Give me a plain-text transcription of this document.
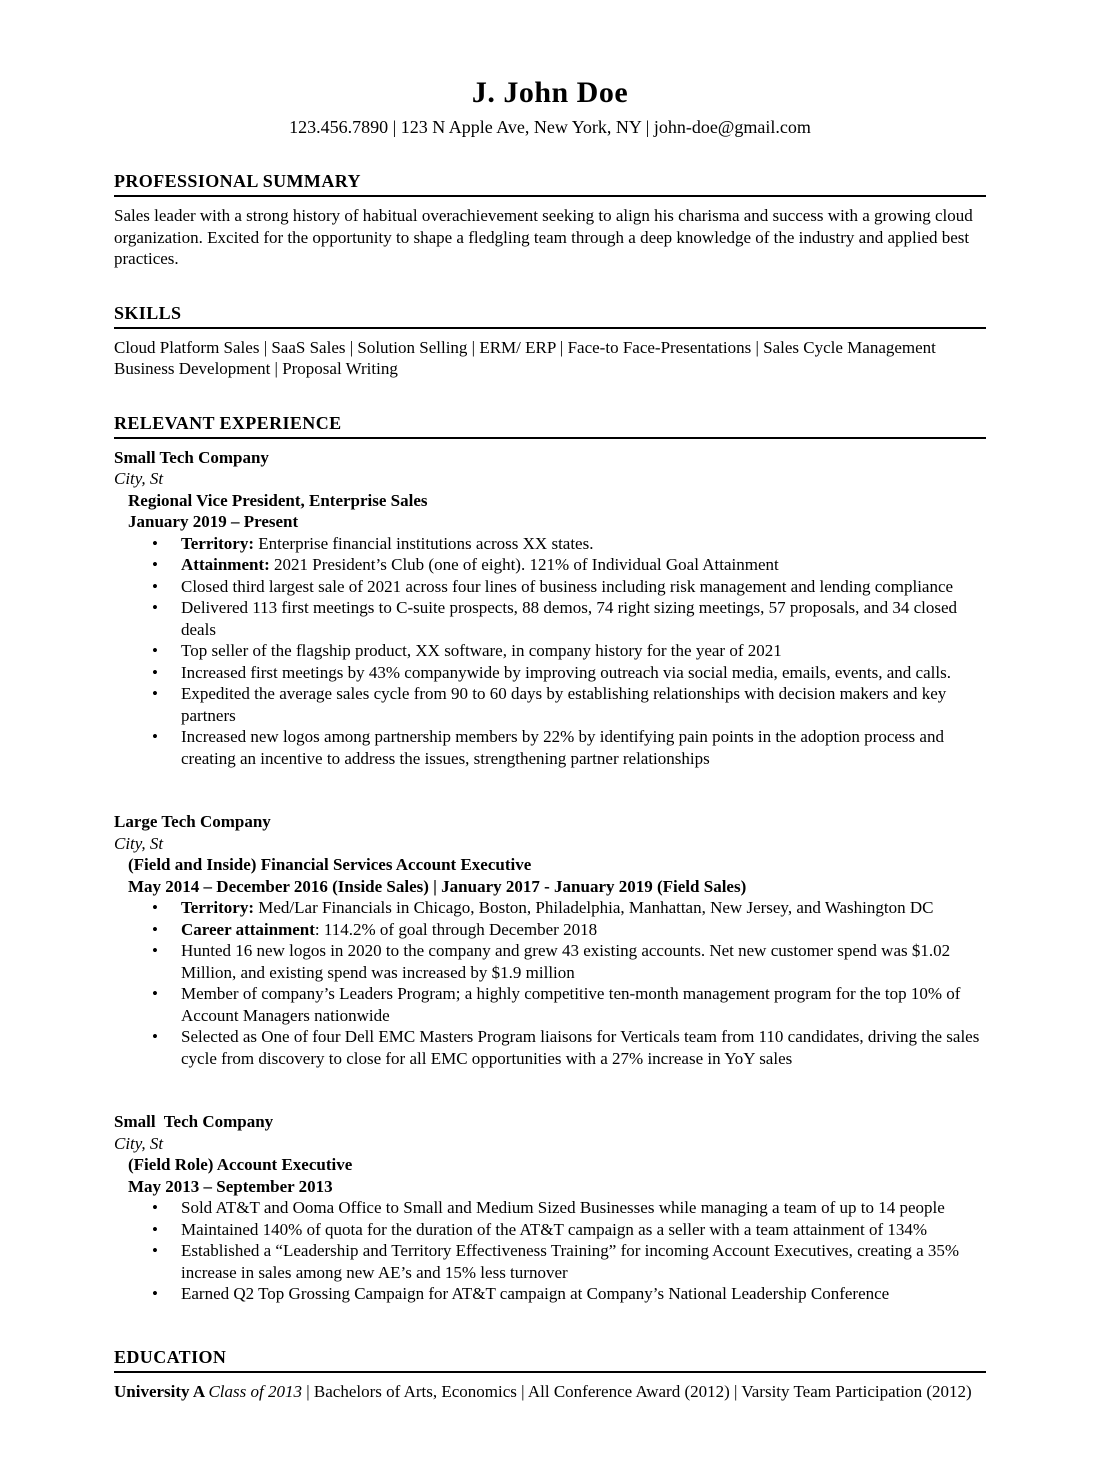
J. John Doe
123.456.7890 | 123 N Apple Ave, New York, NY | john-doe@gmail.com
PROFESSIONAL SUMMARY
Sales leader with a strong history of habitual overachievement seeking to align his charisma and success with a growing cloud organization. Excited for the opportunity to shape a fledgling team through a deep knowledge of the industry and applied best practices.
SKILLS
Cloud Platform Sales | SaaS Sales | Solution Selling | ERM/ ERP | Face-to Face-Presentations | Sales Cycle Management
Business Development | Proposal Writing
RELEVANT EXPERIENCE
Small Tech Company
City, St
Regional Vice President, Enterprise Sales
January 2019 – Present
• Territory: Enterprise financial institutions across XX states.
• Attainment: 2021 President’s Club (one of eight). 121% of Individual Goal Attainment
• Closed third largest sale of 2021 across four lines of business including risk management and lending compliance
• Delivered 113 first meetings to C-suite prospects, 88 demos, 74 right sizing meetings, 57 proposals, and 34 closed deals
• Top seller of the flagship product, XX software, in company history for the year of 2021
• Increased first meetings by 43% companywide by improving outreach via social media, emails, events, and calls.
• Expedited the average sales cycle from 90 to 60 days by establishing relationships with decision makers and key partners
• Increased new logos among partnership members by 22% by identifying pain points in the adoption process and creating an incentive to address the issues, strengthening partner relationships
Large Tech Company
City, St
(Field and Inside) Financial Services Account Executive
May 2014 – December 2016 (Inside Sales) | January 2017 - January 2019 (Field Sales)
• Territory: Med/Lar Financials in Chicago, Boston, Philadelphia, Manhattan, New Jersey, and Washington DC
• Career attainment: 114.2% of goal through December 2018
• Hunted 16 new logos in 2020 to the company and grew 43 existing accounts. Net new customer spend was $1.02 Million, and existing spend was increased by $1.9 million
• Member of company’s Leaders Program; a highly competitive ten-month management program for the top 10% of Account Managers nationwide
• Selected as One of four Dell EMC Masters Program liaisons for Verticals team from 110 candidates, driving the sales cycle from discovery to close for all EMC opportunities with a 27% increase in YoY sales
Small  Tech Company
City, St
(Field Role) Account Executive
May 2013 – September 2013
• Sold AT&T and Ooma Office to Small and Medium Sized Businesses while managing a team of up to 14 people
• Maintained 140% of quota for the duration of the AT&T campaign as a seller with a team attainment of 134%
• Established a “Leadership and Territory Effectiveness Training” for incoming Account Executives, creating a 35% increase in sales among new AE’s and 15% less turnover
• Earned Q2 Top Grossing Campaign for AT&T campaign at Company’s National Leadership Conference
EDUCATION
University A Class of 2013 | Bachelors of Arts, Economics | All Conference Award (2012) | Varsity Team Participation (2012)
